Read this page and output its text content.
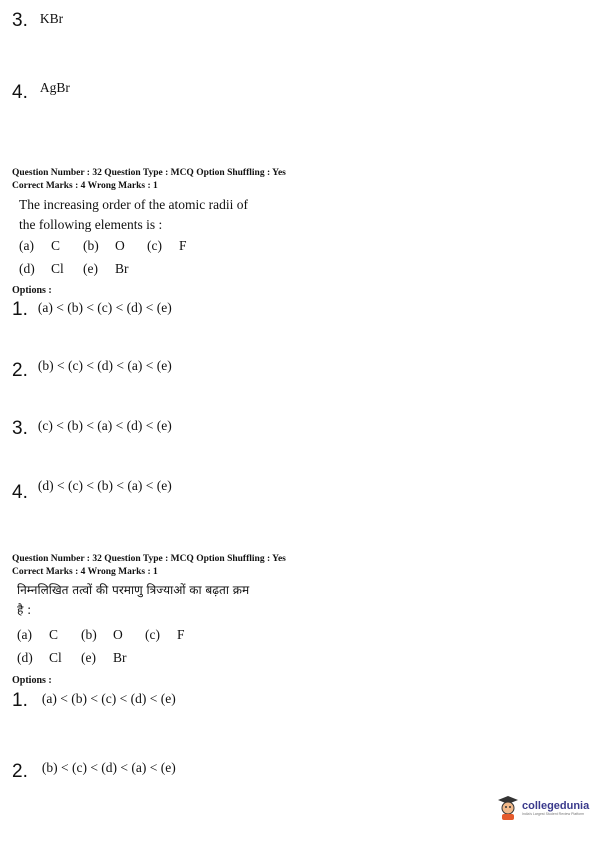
3. KBr
4. $^{AgBr}$
Question Number : 32 Question Type : MCQ Option Shuffling : Yes
Correct Marks : 4 Wrong Marks : 1
The increasing order of the atomic radii of
the following elements is :
(a) C (b) O (c) F
(d) Cl (e) Br
Options :
1. (a) < (b) < (c) < (d) < (e)
2. $^{(b) < (c) < (d) < (a) < (e)}$
3. $^{(c) < (b) < (a) < (d) < (e)}$
4. $^{(d) < (c) < (b) < (a) < (e)}$
Question Number : 32 Question Type : MCQ Option Shuffling : Yes
Correct Marks : 4 Wrong Marks : 1
निम्नलिखित तत्वों की परमाणु त्रिज्याओं का बढ़ता क्रम
है :
(a) C (b) O (c) F
(d) Cl (e) Br
Options :
1. (a) < (b) < (c) < (d) < (e)
2. $^{(b) < (c) < (d) < (a) < (e)}$
collegedunia
India's Largest Student Review Platform
